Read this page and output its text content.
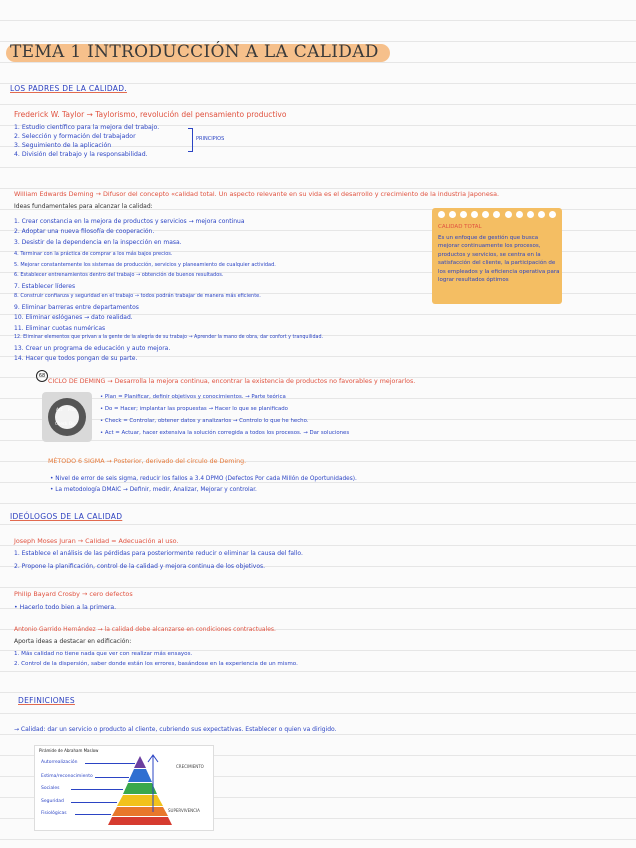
TEMA 1 INTRODUCCIÓN A LA CALIDAD
LOS PADRES DE LA CALIDAD.
Frederick W. Taylor → Taylorismo, revolución del pensamiento productivo
1. Estudio científico para la mejora del trabajo.
2. Selección y formación del trabajador
3. Seguimiento de la aplicación
4. División del trabajo y la responsabilidad.
PRINCIPIOS
William Edwards Deming → Difusor del concepto «calidad total. Un aspecto relevante en su vida es el desarrollo y crecimiento de la industria Japonesa.
Ideas fundamentales para alcanzar la calidad:
1. Crear constancia en la mejora de productos y servicios → mejora continua
2. Adoptar una nueva filosofía de cooperación.
3. Desistir de la dependencia en la inspección en masa.
4. Terminar con la práctica de comprar a los más bajos precios.
5. Mejorar constantemente los sistemas de producción, servicios y planeamiento de cualquier actividad.
6. Establecer entrenamientos dentro del trabajo → obtención de buenos resultados.
7. Establecer líderes
8. Construir confianza y seguridad en el trabajo → todos podrán trabajar de manera más eficiente.
9. Eliminar barreras entre departamentos
10. Eliminar eslóganes → dato realidad.
11. Eliminar cuotas numéricas
12. Eliminar elementos que privan a la gente de la alegría de su trabajo → Aprender la mano de obra, dar confort y tranquilidad.
13. Crear un programa de educación y auto mejora.
14. Hacer que todos pongan de su parte.
CALIDAD TOTAL
Es un enfoque de gestión que busca mejorar continuamente los procesos, productos y servicios, se centra en la satisfacción del cliente, la participación de los empleados y la eficiencia operativa para lograr resultados óptimos
68
CICLO DE DEMING → Desarrolla la mejora continua, encontrar la existencia de productos no favorables y mejorarlos.
Act Plan
Check Do
• Plan = Planificar, definir objetivos y conocimientos. → Parte teórica
• Do = Hacer; implantar las propuestas → Hacer lo que se planificado
• Check = Controlar, obtener datos y analizarlos → Controlo lo que he hecho.
• Act = Actuar, hacer extensiva la solución corregida a todos los procesos. → Dar soluciones
MÉTODO 6 SIGMA → Posterior, derivado del círculo de Deming.
• Nivel de error de seis sigma, reducir los fallos a 3.4 DPMO (Defectos Por cada Millón de Oportunidades).
• La metodología DMAIC → Definir, medir, Analizar, Mejorar y controlar.
IDEÓLOGOS DE LA CALIDAD
Joseph Moses Juran → Calidad = Adecuación al uso.
1. Establece el análisis de las pérdidas para posteriormente reducir o eliminar la causa del fallo.
2. Propone la planificación, control de la calidad y mejora continua de los objetivos.
Philip Bayard Crosby → cero defectos
• Hacerlo todo bien a la primera.
Antonio Garrido Hernández → la calidad debe alcanzarse en condiciones contractuales.
Aporta ideas a destacar en edificación:
1. Más calidad no tiene nada que ver con realizar más ensayos.
2. Control de la dispersión, saber donde están los errores, basándose en la experiencia de un mismo.
DEFINICIONES
→ Calidad: dar un servicio o producto al cliente, cubriendo sus expectativas. Establecer o quien va dirigido.
Pirámide de Abraham Maslow
Autorrealización
Estima/reconocimiento
Sociales
Seguridad
Fisiológicas
CRECIMIENTO
SUPERVIVENCIA
